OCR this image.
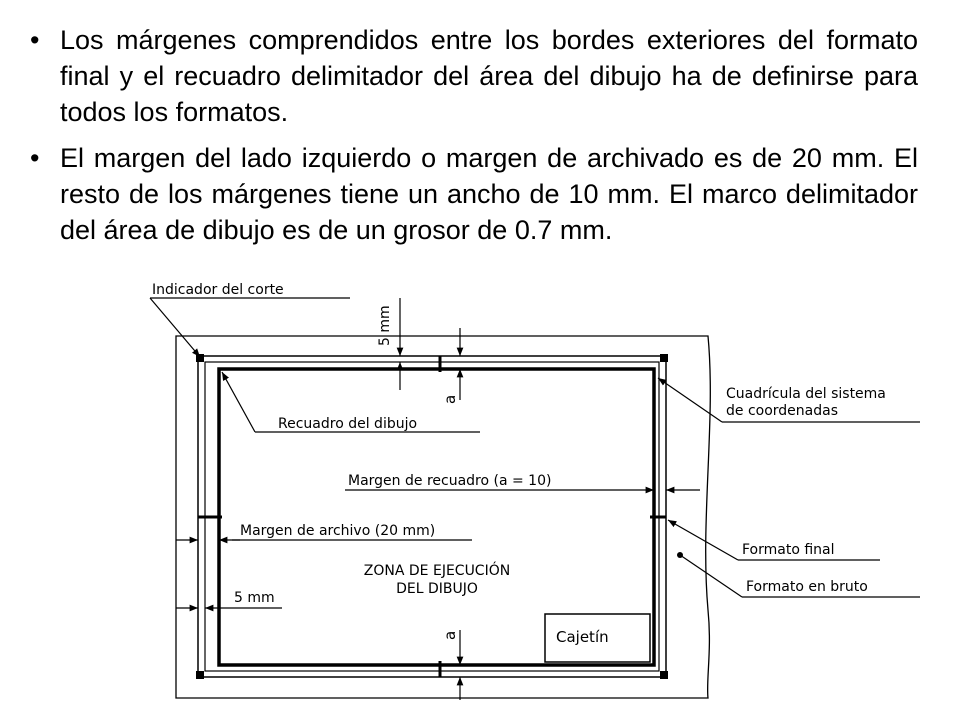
• Los márgenes comprendidos entre los bordes exteriores del formato final y el recuadro delimitador del área del dibujo ha de definirse para todos los formatos.
• El margen del lado izquierdo o margen de archivado es de 20 mm. El resto de los márgenes tiene un ancho de 10 mm. El marco delimitador del área de dibujo es de un grosor de 0.7 mm.
Indicador del corte
5 mm
a	Cuadrícula del sistema
de coordenadas
Recuadro del dibujo
Margen de recuadro (a = 10)
Margen de archivo (20 mm)
Formato final
Formato en bruto
ZONA DE EJECUCIÓN
DEL DIBUJO
5 mm
a	Cajetín
